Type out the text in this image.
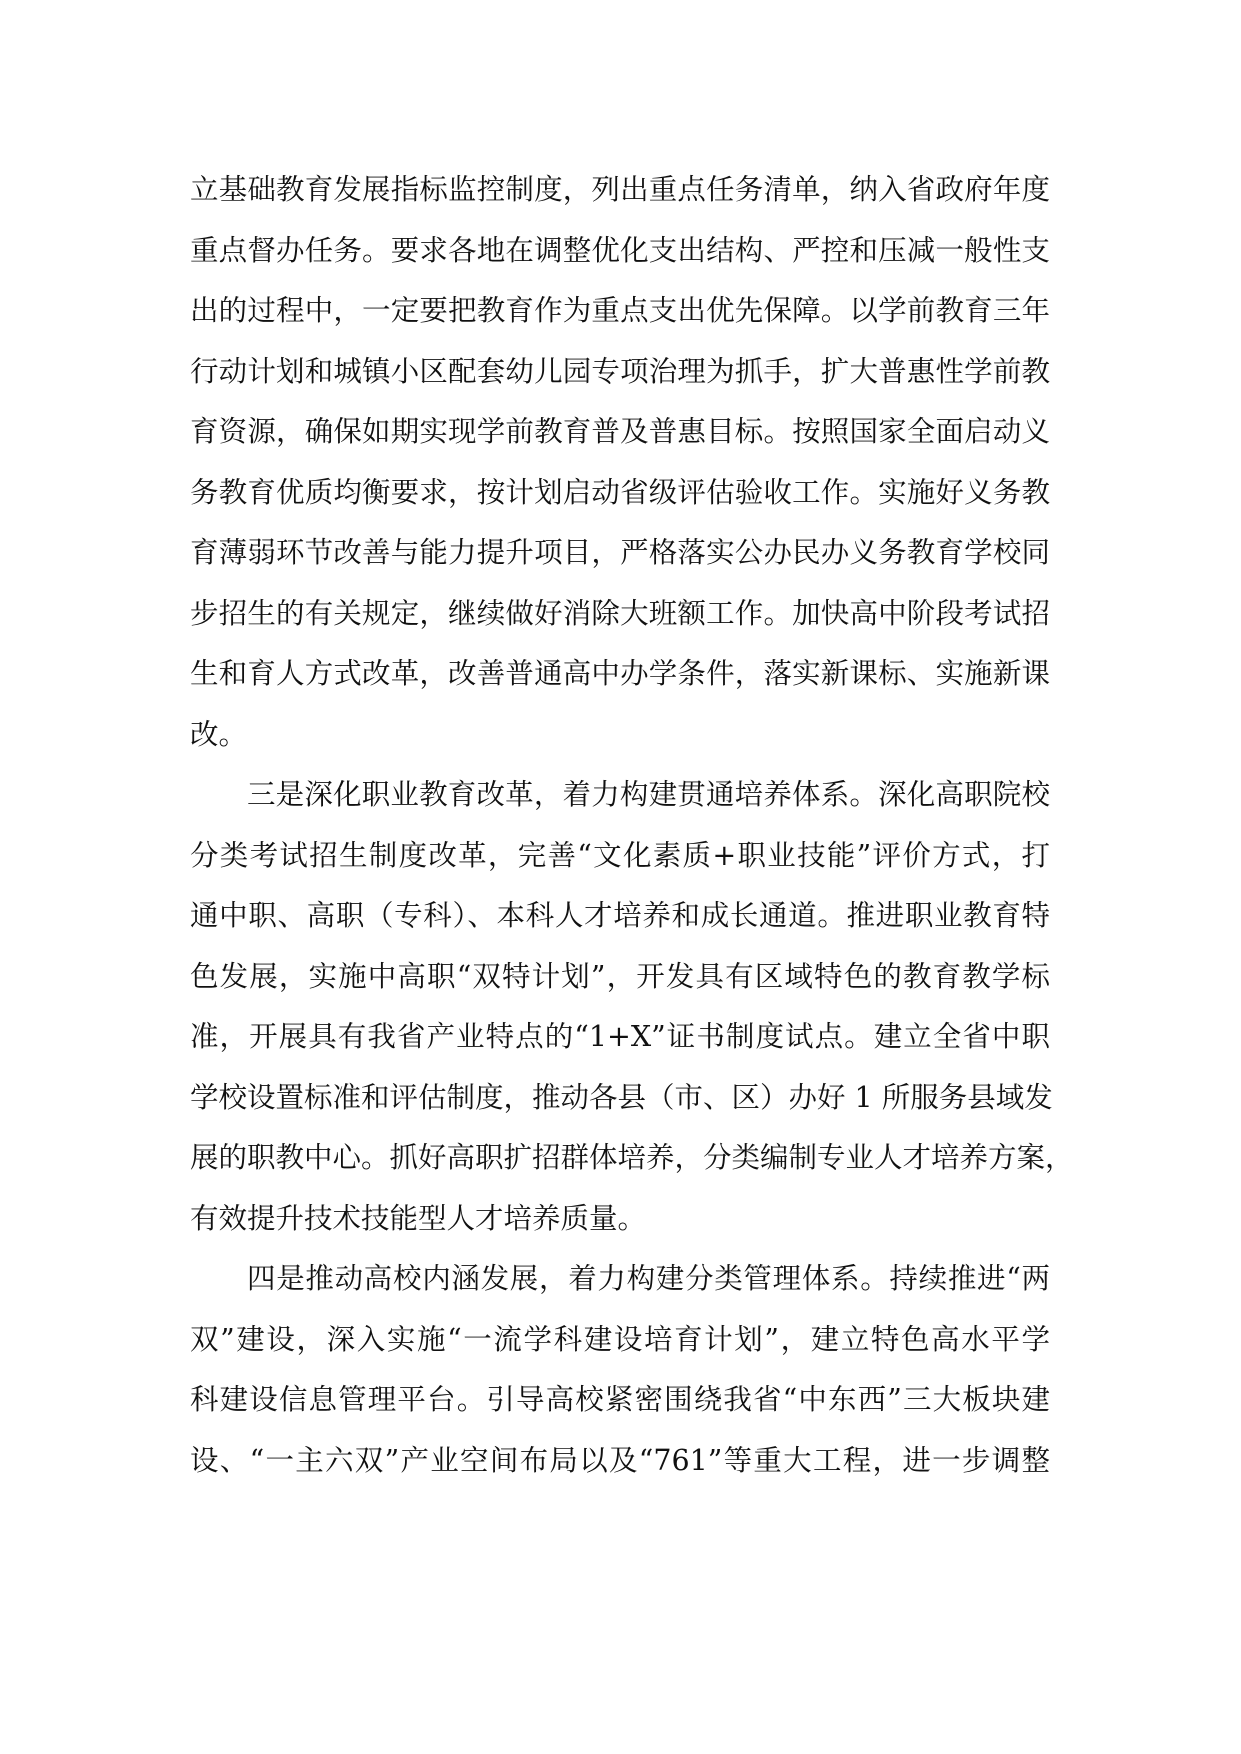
立基础教育发展指标监控制度，列出重点任务清单，纳入省政府年度
重点督办任务。要求各地在调整优化支出结构、严控和压减一般性支
出的过程中，一定要把教育作为重点支出优先保障。以学前教育三年
行动计划和城镇小区配套幼儿园专项治理为抓手，扩大普惠性学前教
育资源，确保如期实现学前教育普及普惠目标。按照国家全面启动义
务教育优质均衡要求，按计划启动省级评估验收工作。实施好义务教
育薄弱环节改善与能力提升项目，严格落实公办民办义务教育学校同
步招生的有关规定，继续做好消除大班额工作。加快高中阶段考试招
生和育人方式改革，改善普通高中办学条件，落实新课标、实施新课
改。
三是深化职业教育改革，着力构建贯通培养体系。深化高职院校
分类考试招生制度改革，完善“文化素质+职业技能”评价方式，打
通中职、高职（专科）、本科人才培养和成长通道。推进职业教育特
色发展，实施中高职“双特计划”，开发具有区域特色的教育教学标
准，开展具有我省产业特点的“1+X”证书制度试点。建立全省中职
学校设置标准和评估制度，推动各县（市、区）办好 1 所服务县域发
展的职教中心。抓好高职扩招群体培养，分类编制专业人才培养方案，
有效提升技术技能型人才培养质量。
四是推动高校内涵发展，着力构建分类管理体系。持续推进“两
双”建设，深入实施“一流学科建设培育计划”，建立特色高水平学
科建设信息管理平台。引导高校紧密围绕我省“中东西”三大板块建
设、“一主六双”产业空间布局以及“761”等重大工程，进一步调整
